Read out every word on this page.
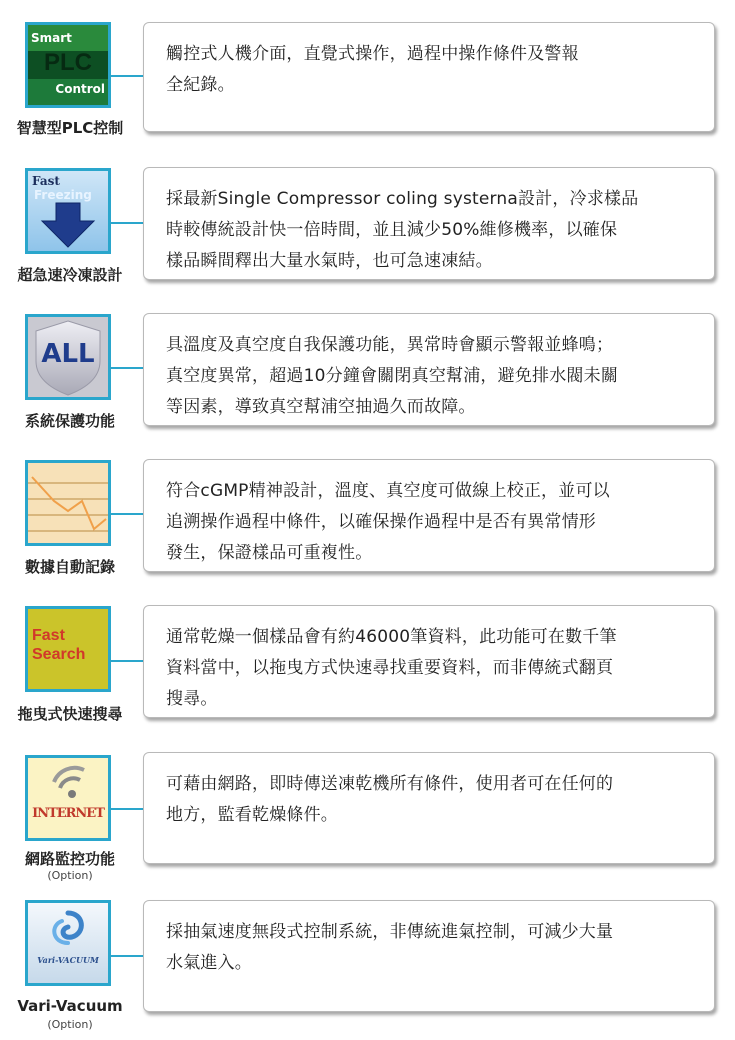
Smart
PLC
Control
智慧型PLC控制
觸控式人機介面，直覺式操作，過程中操作條件及警報
全紀錄。
Fast
Freezing
超急速冷凍設計
採最新Single Compressor coling systerna設計，冷求樣品
時較傳統設計快一倍時間，並且減少50%維修機率，以確保
樣品瞬間釋出大量水氣時，也可急速凍結。
ALL
系統保護功能
具溫度及真空度自我保護功能，異常時會顯示警報並蜂鳴；
真空度異常，超過10分鐘會關閉真空幫浦，避免排水閥未關
等因素，導致真空幫浦空抽過久而故障。
數據自動記錄
符合cGMP精神設計，溫度、真空度可做線上校正，並可以
追溯操作過程中條件，以確保操作過程中是否有異常情形
發生，保證樣品可重複性。
Fast
Search
拖曳式快速搜尋
通常乾燥一個樣品會有約46000筆資料，此功能可在數千筆
資料當中，以拖曳方式快速尋找重要資料，而非傳統式翻頁
搜尋。
INTERNET
網路監控功能
(Option)
可藉由網路，即時傳送凍乾機所有條件，使用者可在任何的
地方，監看乾燥條件。
Vari-VACUUM
Vari-Vacuum
(Option)
採抽氣速度無段式控制系統，非傳統進氣控制，可減少大量
水氣進入。
